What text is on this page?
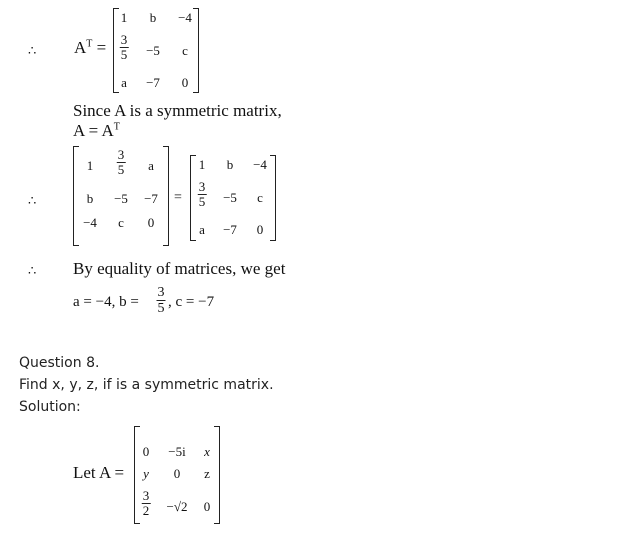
∴ $A^T$ =
1 b −4
$\frac{3}{5} -5$ c
a −7 0
Since A is a symmetric matrix,
$A = A^T$
∴
$1 \frac{3}{5}$ a
b −5 −7
−4 c 0
=
1 b −4
$\frac{3}{5} -5$ c
a −7 0
∴ By equality of matrices, we get
a = −4, $b = \frac{3}{5}$ , c = −7
Question 8.
Find x, y, z, if is a symmetric matrix.
Solution:
Let A =
0 −5i x
y 0 z
$\frac{3}{2} -√2$ 0
